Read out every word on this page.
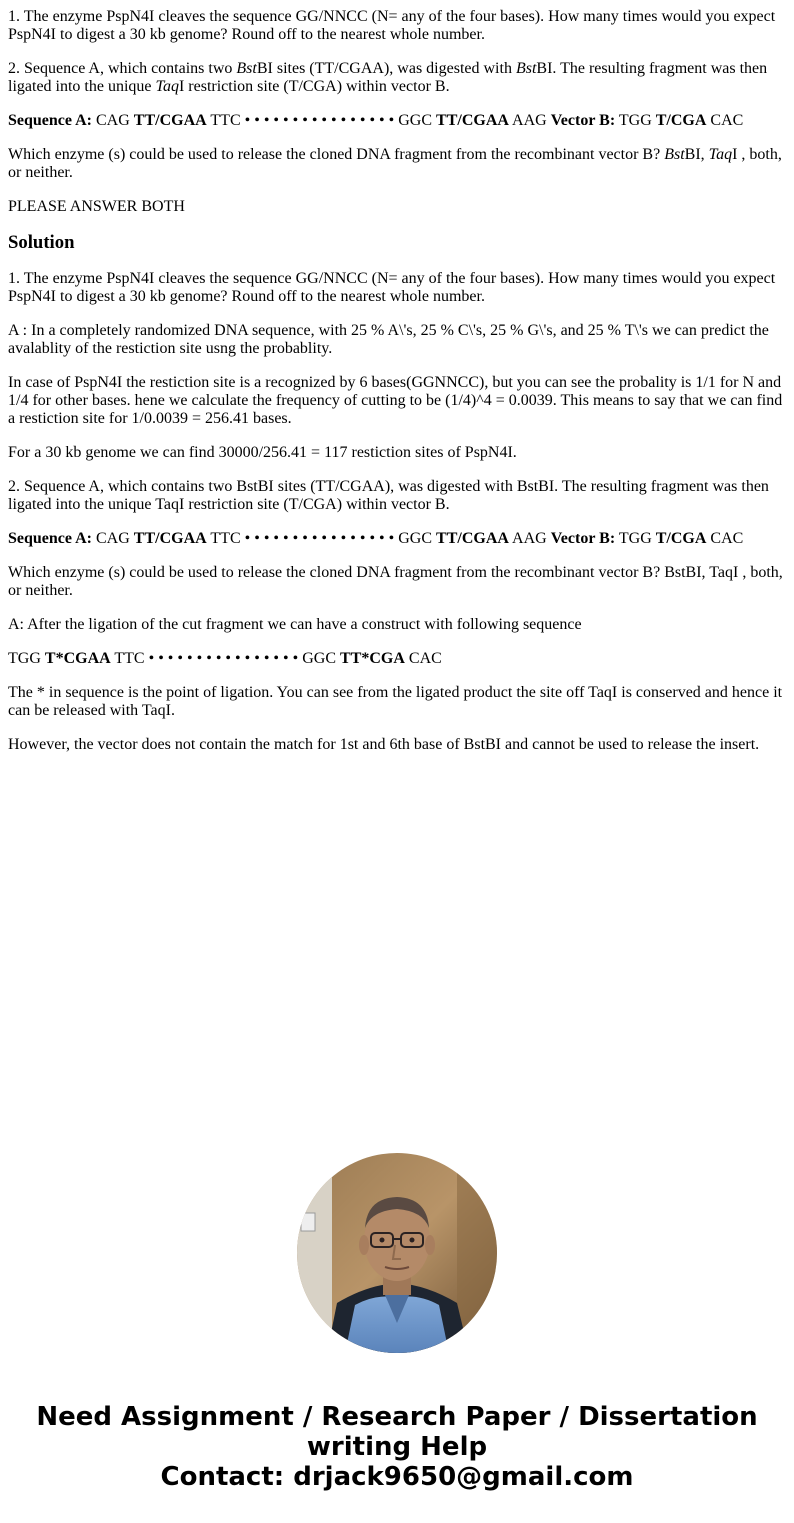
1. The enzyme PspN4I cleaves the sequence GG/NNCC (N= any of the four bases). How many times would you expect PspN4I to digest a 30 kb genome? Round off to the nearest whole number.

2. Sequence A, which contains two BstBI sites (TT/CGAA), was digested with BstBI. The resulting fragment was then ligated into the unique TaqI restriction site (T/CGA) within vector B.

Sequence A: CAG TT/CGAA TTC • • • • • • • • • • • • • • • • GGC TT/CGAA AAG Vector B: TGG T/CGA CAC

Which enzyme (s) could be used to release the cloned DNA fragment from the recombinant vector B? BstBI, TaqI , both, or neither.

PLEASE ANSWER BOTH

Solution

1. The enzyme PspN4I cleaves the sequence GG/NNCC (N= any of the four bases). How many times would you expect PspN4I to digest a 30 kb genome? Round off to the nearest whole number.

A : In a completely randomized DNA sequence, with 25 % A\'s, 25 % C\'s, 25 % G\'s, and 25 % T\'s we can predict the avalablity of the restiction site usng the probablity.

In case of PspN4I the restiction site is a recognized by 6 bases(GGNNCC), but you can see the probality is 1/1 for N and 1/4 for other bases. hene we calculate the frequency of cutting to be (1/4)^4 = 0.0039. This means to say that we can find a restiction site for 1/0.0039 = 256.41 bases.

For a 30 kb genome we can find 30000/256.41 = 117 restiction sites of PspN4I.

2. Sequence A, which contains two BstBI sites (TT/CGAA), was digested with BstBI. The resulting fragment was then ligated into the unique TaqI restriction site (T/CGA) within vector B.

Sequence A: CAG TT/CGAA TTC • • • • • • • • • • • • • • • • GGC TT/CGAA AAG Vector B: TGG T/CGA CAC

Which enzyme (s) could be used to release the cloned DNA fragment from the recombinant vector B? BstBI, TaqI , both, or neither.

A: After the ligation of the cut fragment we can have a construct with following sequence

TGG T*CGAA TTC • • • • • • • • • • • • • • • • GGC TT*CGA CAC

The * in sequence is the point of ligation. You can see from the ligated product the site off TaqI is conserved and hence it can be released with TaqI.

However, the vector does not contain the match for 1st and 6th base of BstBI and cannot be used to release the insert.

Need Assignment / Research Paper / Dissertation
writing Help
Contact: drjack9650@gmail.com
